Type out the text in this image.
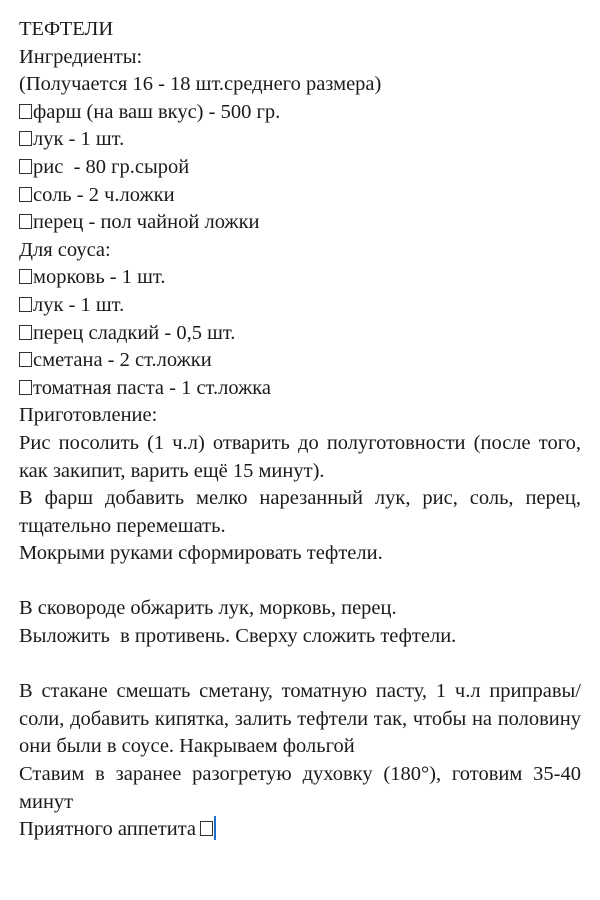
ТЕФТЕЛИ

Ингредиенты:

(Получается 16 - 18 шт.среднего размера)

фарш (на ваш вкус) - 500 гр.

лук - 1 шт.

рис  - 80 гр.сырой

соль - 2 ч.ложки

перец - пол чайной ложки

Для соуса:

морковь - 1 шт.

лук - 1 шт.

перец сладкий - 0,5 шт.

сметана - 2 ст.ложки

томатная паста - 1 ст.ложка

Приготовление:

Рис посолить (1 ч.л) отварить до полуготовности (после того, как закипит, варить ещё 15 минут).

В фарш добавить мелко нарезанный лук, рис, соль, перец, тщательно перемешать.

Мокрыми руками сформировать тефтели.

В сковороде обжарить лук, морковь, перец.

Выложить  в противень. Сверху сложить тефтели.

В стакане смешать сметану, томатную пасту, 1 ч.л приправы/соли, добавить кипятка, залить тефтели так, чтобы на половину они были в соусе. Накрываем фольгой

Ставим в заранее разогретую духовку (180°), готовим 35-40 минут

Приятного аппетита
